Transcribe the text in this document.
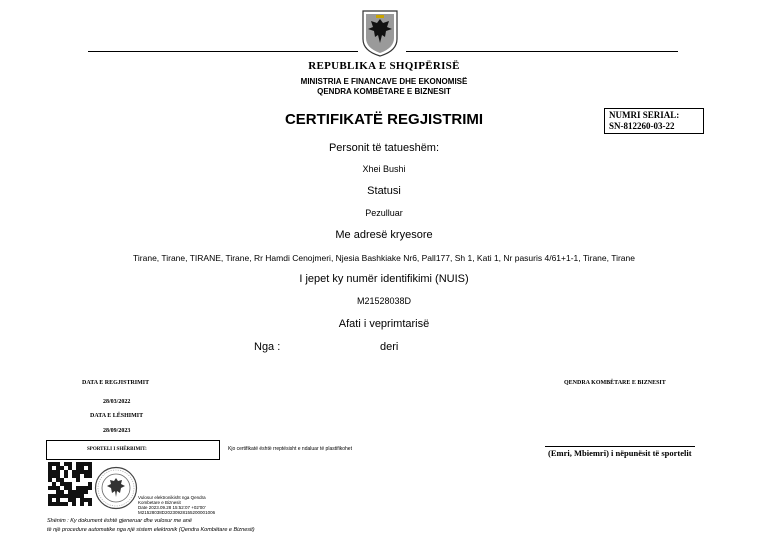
REPUBLIKA E SHQIPËRISË
MINISTRIA E FINANCAVE DHE EKONOMISË
QENDRA KOMBËTARE E BIZNESIT
CERTIFIKATË REGJISTRIMI	NUMRI SERIAL:
SN-812260-03-22
Personit të tatueshëm:
Xhei Bushi
Statusi
Pezulluar
Me adresë kryesore
Tirane, Tirane, TIRANE, Tirane, Rr Hamdi Cenojmeri, Njesia Bashkiake Nr6, Pall177, Sh 1, Kati 1, Nr pasuris 4/61+1-1, Tirane, Tirane
I jepet ky numër identifikimi (NUIS)
M21528038D
Afati i veprimtarisë
Nga :	deri
DATA E REGJISTRIMIT
28/03/2022
DATA E LËSHIMIT
28/09/2023
QENDRA KOMBËTARE E BIZNESIT
SPORTELI I SHËRBIMIT:	Kjo certifikatë është rreptësisht e ndaluar të plastifikohet	(Emri, Mbiemri) i nëpunësit të sportelit
Vulosur elektronikisht nga Qendra
Kombetare e Biznesit
Date 2023.09.28 15:52:07 +02'00'
M21528038D20230928155200001006
Shënim : Ky dokument është gjeneruar dhe vulosur me anë
të një procedure automatike nga një sistem elektronik (Qendra Kombëtare e Biznesit)
